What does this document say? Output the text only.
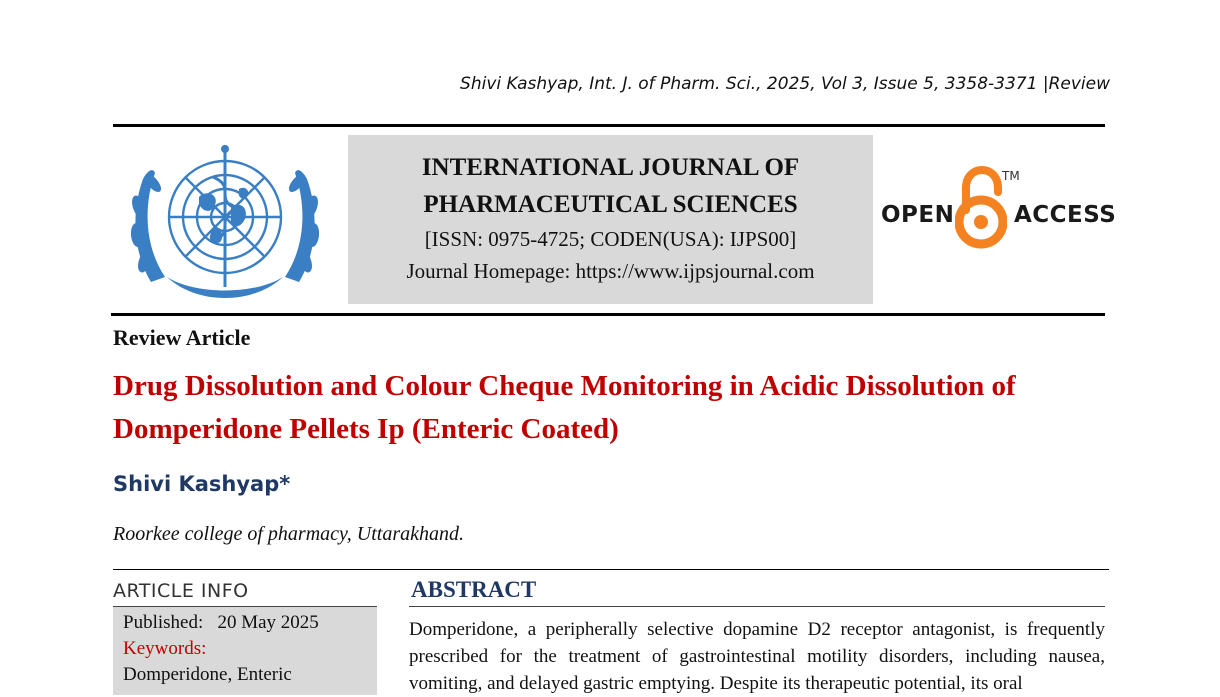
Shivi Kashyap, Int. J. of Pharm. Sci., 2025, Vol 3, Issue 5, 3358-3371 |Review
INTERNATIONAL JOURNAL OF
PHARMACEUTICAL SCIENCES
[ISSN: 0975-4725; CODEN(USA): IJPS00]
Journal Homepage: https://www.ijpsjournal.com
OPEN
TM
ACCESS
Review Article
Drug Dissolution and Colour Cheque Monitoring in Acidic Dissolution of Domperidone Pellets Ip (Enteric Coated)
Shivi Kashyap*
Roorkee college of pharmacy, Uttarakhand.
ARTICLE INFO
Published: 20 May 2025
Keywords:
Domperidone, Enteric
ABSTRACT
Domperidone, a peripherally selective dopamine D2 receptor antagonist, is frequently prescribed for the treatment of gastrointestinal motility disorders, including nausea, vomiting, and delayed gastric emptying. Despite its therapeutic potential, its oral
